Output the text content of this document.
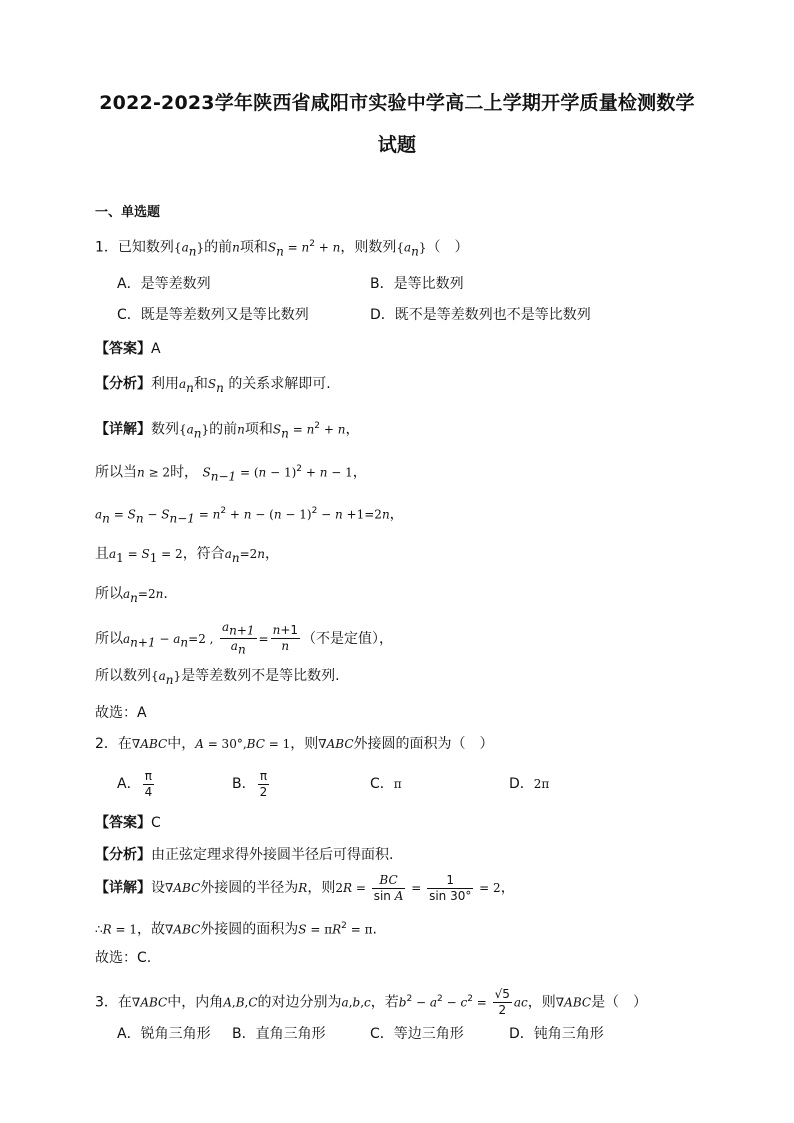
2022-2023学年陕西省咸阳市实验中学高二上学期开学质量检测数学
试题
一、单选题
1．已知数列$\{a_n\}$的前n项和$S_n = n^2 + n$，则数列$\{a_n\}$（　）
A．是等差数列	B．是等比数列
C．既是等差数列又是等比数列	D．既不是等差数列也不是等比数列
【答案】A
【分析】利用$a_n$和$S_n$ 的关系求解即可.
【详解】数列$\{a_n\}$的前n项和$S_n = n^2 + n$，
所以当n ≥ 2时， $S_{n-1} = (n - 1)^2 + n - 1$，
$a_n = S_n - S_{n-1} = n^2 + n - (n - 1)^2 - n +1=2n$，
且$a_1 = S_1 = 2$，符合$a_n=2n$，
所以$a_n=2n$.
所以$a_{n+1} - a_n=2$ , $\frac{a_{n+1}}{a_n} = \frac{n+1}{n}$ （不是定值），
所以数列$\{a_n\}$是等差数列不是等比数列.
故选：A
2．在∇ABC中，A = 30°,BC = 1，则∇ABC外接圆的面积为（　）
A． $\frac{\pi}{4}$	B． $\frac{\pi}{2}$	C．π	D．2π
【答案】C
【分析】由正弦定理求得外接圆半径后可得面积.
【详解】设∇ABC外接圆的半径为R，则$2R = \frac{BC}{\text{sin A}} = \frac{1}{\sin 30^\circ} = 2$，
∴R = 1，故∇ABC外接圆的面积为$S = \pi R^2 = \pi$.
故选：C.
3．在∇ABC中，内角A,B,C的对边分别为a,b,c，若$b^2 - a^2 - c^2 = \frac{√5}{2}$ ac，则∇ABC是（　）
A．锐角三角形 B．直角三角形	C．等边三角形	D．钝角三角形
